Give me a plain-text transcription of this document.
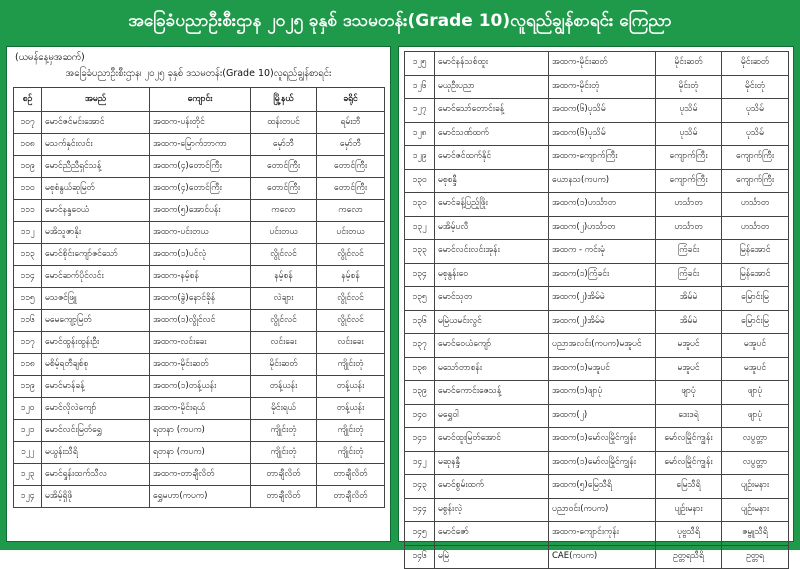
အခြေခံပညာဦးစီးဌာန ၂၀၂၅ ခုနှစ် ဒသမတန်း(Grade 10)လူရည်ချွန်စာရင်း ကြေညာ
(ယမန်နေ့မှအဆက်)
အခြေခံပညာဦးစီးဌာန၊ ၂၀၂၅ ခုနှစ် ဒသမတန်း(Grade 10)လူရည်ချွန်စာရင်း
စဉ်	အမည်	ကျောင်း	မြို့နယ်	ခရိုင်
၁၀၇	မောင်ဇင်မင်းအောင်	အထက-ပန်းတိုင်	ထန်းတပင်	ရမ်းဘီ
၁၀၈	မသက်နှင်းလင်း	အထက-မြောက်ဘာကာ	မှော်ဘီ	မှော်ဘီ
၁၀၉	မောင်ညီညီရှင်သန့်	အထက(၄)တောင်ကြီး	တောင်ကြီး	တောင်ကြီး
၁၁၀	မစုစံနွယ်ဆုမြတ်	အထက(၄)တောင်ကြီး	တောင်ကြီး	တောင်ကြီး
၁၁၁	မောင်နန္ဒဝေယံ	အထက(၅)အောင်ပန်း	ကလော	ကလော
၁၁၂	မအိသူဇာနိုး	အထက-ပင်းတယ	ပင်းတယ	ပင်းတယ
၁၁၃	မောင်စိုင်းကျော်ဇင်သော်	အထက(၁)ပင်လုံ	လွိုင်လင်	လွိုင်လင်
၁၁၄	မောင်ဆက်ပိုင်လင်း	အထက-နမ့်စန်	နမ့်စန်	နမ့်စန်
၁၁၅	မသဇင်ဖြူ	အထက(ခွဲ)နောင်ခိုန်	လဲချား	လွိုင်လင်
၁၁၆	မမေကျော့မြတ်	အထက(၁)လွိုင်လင်	လွိုင်လင်	လွိုင်လင်
၁၁၇	မောင်ထွန်းထွန်းဦး	အထက-လင်းခေး	လင်းခေး	လင်းခေး
၁၁၈	မစိမ့်ရတီချစ်စု	အထက-မိုင်းဆတ်	မိုင်းဆတ်	ကျိုင်းတုံ
၁၁၉	မောင်မာန်ခန့်	အထက(၁)တန့်ယန်း	တန့်ယန်း	တန့်ယန်း
၁၂၀	မောင်လိုလဲကျော်	အထက-မိုင်းရယ်	မိုင်းရယ်	တန့်ယန်း
၁၂၁	မောင်လင်းမြတ်ရွှေ	ရတနာ (ကပက)	ကျိုင်းတုံ	ကျိုင်းတုံ
၁၂၂	မယွန်းသီရိ	ရတနာ (ကပက)	ကျိုင်းတုံ	ကျိုင်းတုံ
၁၂၃	မောင်ရှုန်းထက်သီလ	အထက-တာချီလိတ်	တာချီလိတ်	တာချီလိတ်
၁၂၄	မအိမ့်ရှိဖို	ရွှေမဟာ(ကပက)	တာချီလိတ်	တာချီလိတ်
၁၂၅	မောင်နန်သစ်ထူး	အထက-မိုင်းဆတ်	မိုင်းဆတ်	မိုင်းဆတ်
၁၂၆	မယုဦးပညာ	အထက-မိုင်းတုံ	မိုင်းတုံ	မိုင်းတုံ
၁၂၇	မောင်သော်တောင်းခန့်	အထက(၆)ပုသိမ်	ပုသိမ်	ပုသိမ်
၁၂၈	မောင်သဏ်ထက်	အထက(၆)ပုသိမ်	ပုသိမ်	ပုသိမ်
၁၂၉	မောင်ဇင်ထက်နိုင်	အထက-ကျောက်ကြီး	ကျောက်ကြီး	ကျောက်ကြီး
၁၃၀	မစုစန္ဒီ	ယောနသ(ကပက)	ကျောက်ကြီး	ကျောက်ကြီး
၁၃၁	မောင်ခန့်ပြည့်ဖြိုး	အထက(၁)ဟင်္သာတ	ဟင်္သာတ	ဟင်္သာတ
၁၃၂	မအိမ့်ပလီ	အထက(၂)ဟင်္သာတ	ဟင်္သာတ	ဟင်္သာတ
၁၃၃	မောင်လင်းလင်းအုန်း	အထက - ကင်းမုံ	ကြံခင်း	မြန်အောင်
၁၃၄	မစုနွန်းဝေ	အထက(၁)ကြံခင်း	ကြံခင်း	မြန်အောင်
၁၃၅	မောင်သုတ	အထက(၂)အိမ်မဲ	အိမ်မဲ	မြောင်းမြ
၁၃၆	မမြဲယမင်းလွင်	အထက(၂)အိမ်မဲ	အိမ်မဲ	မြောင်းမြ
၁၃၇	မောင်ဝေယံကျော်	ပညာအလင်း(ကပက)မအူပင်	မအူပင်	မအူပင်
၁၃၈	မသော်တာစန်း	အထက(၁)မအူပင်	မအူပင်	မအူပင်
၁၃၉	မောင်ကောင်းဇေသန့်	အထက(၁)ဖျာပုံ	ဖျာပုံ	ဖျာပုံ
၁၄၀	မရွှေဝါ	အထက(၂)	ဒေးဒရဲ	ဖျာပုံ
၁၄၁	မောင်ထူးမြတ်အောင်	အထက(၁)မော်လမြိုင်ကျွန်း	မော်လမြိုင်ကျွန်း	လပွတ္တာ
၁၄၂	မဆုနန္ဒီ	အထက(၁)မော်လမြိုင်ကျွန်း	မော်လမြိုင်ကျွန်း	လပွတ္တာ
၁၄၃	မောင်စွမ်းထက်	အထက(၅)မြေသီရိ	မြေသီရိ	ပျဉ်းမနား
၁၄၄	မစွန်းလဲ့	ပညာဝင်း(ကပက)	ပျဉ်းမနား	ပျဉ်းမနား
၁၄၅	မောင်ဇော်	အထက-ကျောင်းကုန်း	ပုဗ္ဗသီရိ	ဇမ္ဗူသီရိ
၁၄၆	မမြဲ	CAE(ကပက)	ဥတ္တရသီရိ	ဥတ္တရ
